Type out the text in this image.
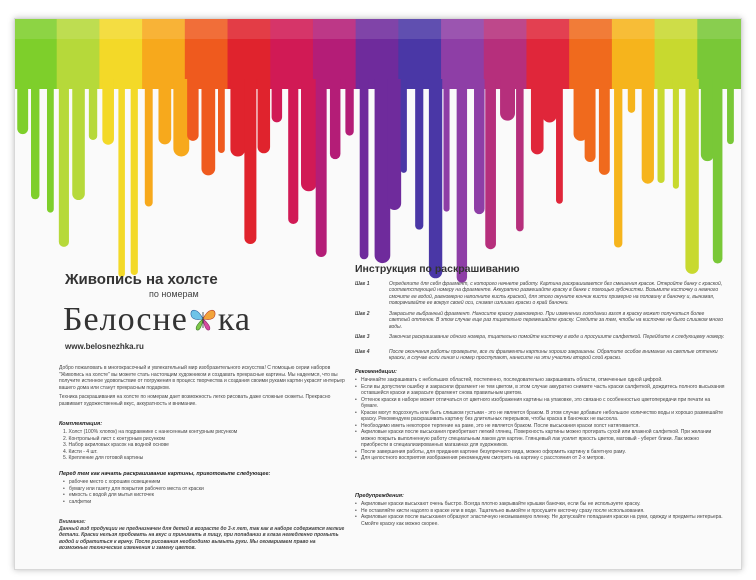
Живопись на холсте
по номерам
Белосне ка
www.belosnezhka.ru

Добро пожаловать в многокрасочный и увлекательный мир изобразительного искусства! С помощью серии наборов "Живопись на холсте" вы можете стать настоящим художником и создавать прекрасные картины. Мы надеемся, что вы получите истинное удовольствие от погружения в процесс творчества и создания своими руками картин украсят интерьер вашего дома или станут прекрасным подарком.

Техника раскрашивания на холсте по номерам дает возможность легко рисовать даже сложные сюжеты. Прекрасно развивает художественный вкус, аккуратность и внимание.

Комплектация:
1. Холст (100% хлопок) на подрамнике с нанесенным контурным рисунком
2. Контрольный лист с контурным рисунком
3. Набор акриловых красок на водной основе
4. Кисти - 4 шт.
5. Крепление для готовой картины
Перед тем как начать раскрашивание картины, приготовьте следующее:
• рабочее место с хорошим освещением
• бумагу или газету для покрытия рабочего места от краски
• емкость с водой для мытья кисточек
• салфетки

Внимание:
Данный вид продукции не предназначен для детей в возрасте до 3-х лет, так как в наборе содержатся мелкие детали. Краски нельзя пробовать на вкус и принимать в пищу, при попадании в глаза немедленно промыть водой и обратиться к врачу. После рисования необходимо вымыть руки. Мы оговариваем право на возможные технические изменения и замену цветов.

Инструкция по раскрашиванию
Шаг 1	Определите для себя фрагмент, с которого начнете работу. Картина раскрашивается без смешения красок. Откройте банку с краской, соответствующей номеру на фрагменте. Аккуратно размешайте краску в банке с помощью зубочистки. Возьмите кисточку и немного смочите ее водой, равномерно наполните кисть краской, для этого окуните кончик кисти примерно на половину в баночку и, вынимая, поворачивайте ее вокруг своей оси, снимая излишки краски о край баночки.
Шаг 2	Закрасьте выбранный фрагмент. Наносите краску равномерно. При изменении голодании взгля в краску может получиться более светлый оттенок. В этом случае еще раз тщательно перемешайте краску. Следите за тем, чтобы на кисточке не было слишком много воды.
Шаг 3	Закончив раскрашивание одного номера, тщательно помойте кисточку в воде и просушите салфеткой. Перейдите к следующему номеру.
Шаг 4	После окончания работы проверьте, все ли фрагменты картины хорошо закрашены. Обратите особое внимание на светлые оттенки краски, в случае если линия и номер проступают, нанесите на эти участки второй слой краски.
Рекомендации:
• Начинайте закрашивать с небольших областей, постепенно, последовательно закрашивать области, отмеченные одной цифрой.
• Если вы допустили ошибку и закрасили фрагмент не тем цветом, в этом случае аккуратно снимите часть краски салфеткой, дождитесь полного высыхания оставшейся краски и закрасьте фрагмент снова правильным цветом.
• Оттенок краски в наборе может отличаться от цветного изображения картины на упаковке, это связано с особенностью цветопередачи при печати на бумаге.
• Краски могут подсохнуть или быть слишком густыми - это не является браком. В этом случае добавьте небольшое количество воды и хорошо размешайте краску. Рекомендуем раскрашивать картину без длительных перерывов, чтобы краска в баночках не высохла.
• Необходимо иметь некоторое терпение на раме, это не является браком. После высыхания краски холст натягивается.
• Акриловые краски после высыхания приобретают легкий глянец. Поверхность картины можно протирать сухой или влажной салфеткой. При желании можно покрыть выполненную работу специальным лаком для картин. Глянцевый лак усилит яркость цветов, матовый - уберет блики. Лак можно приобрести в специализированных магазинах для художников.
• После завершения работы, для придания картине безупречного вида, можно оформить картину в багетную раму.
• Для целостного восприятия изображения рекомендуем смотреть на картину с расстояния от 2-х метров.
Предупреждения:
• Акриловые краски высыхают очень быстро. Всегда плотно закрывайте крышки баночки, если бы не используете краску.
• Не оставляйте кисти надолго в краске или в воде. Тщательно вымойте и просушите кисточку сразу после использования.
• Акриловые краски после высыхания образуют эластичную несмываемую пленку. Не допускайте попадания краски на руки, одежду и предметы интерьера. Смойте краску как можно скорее.
